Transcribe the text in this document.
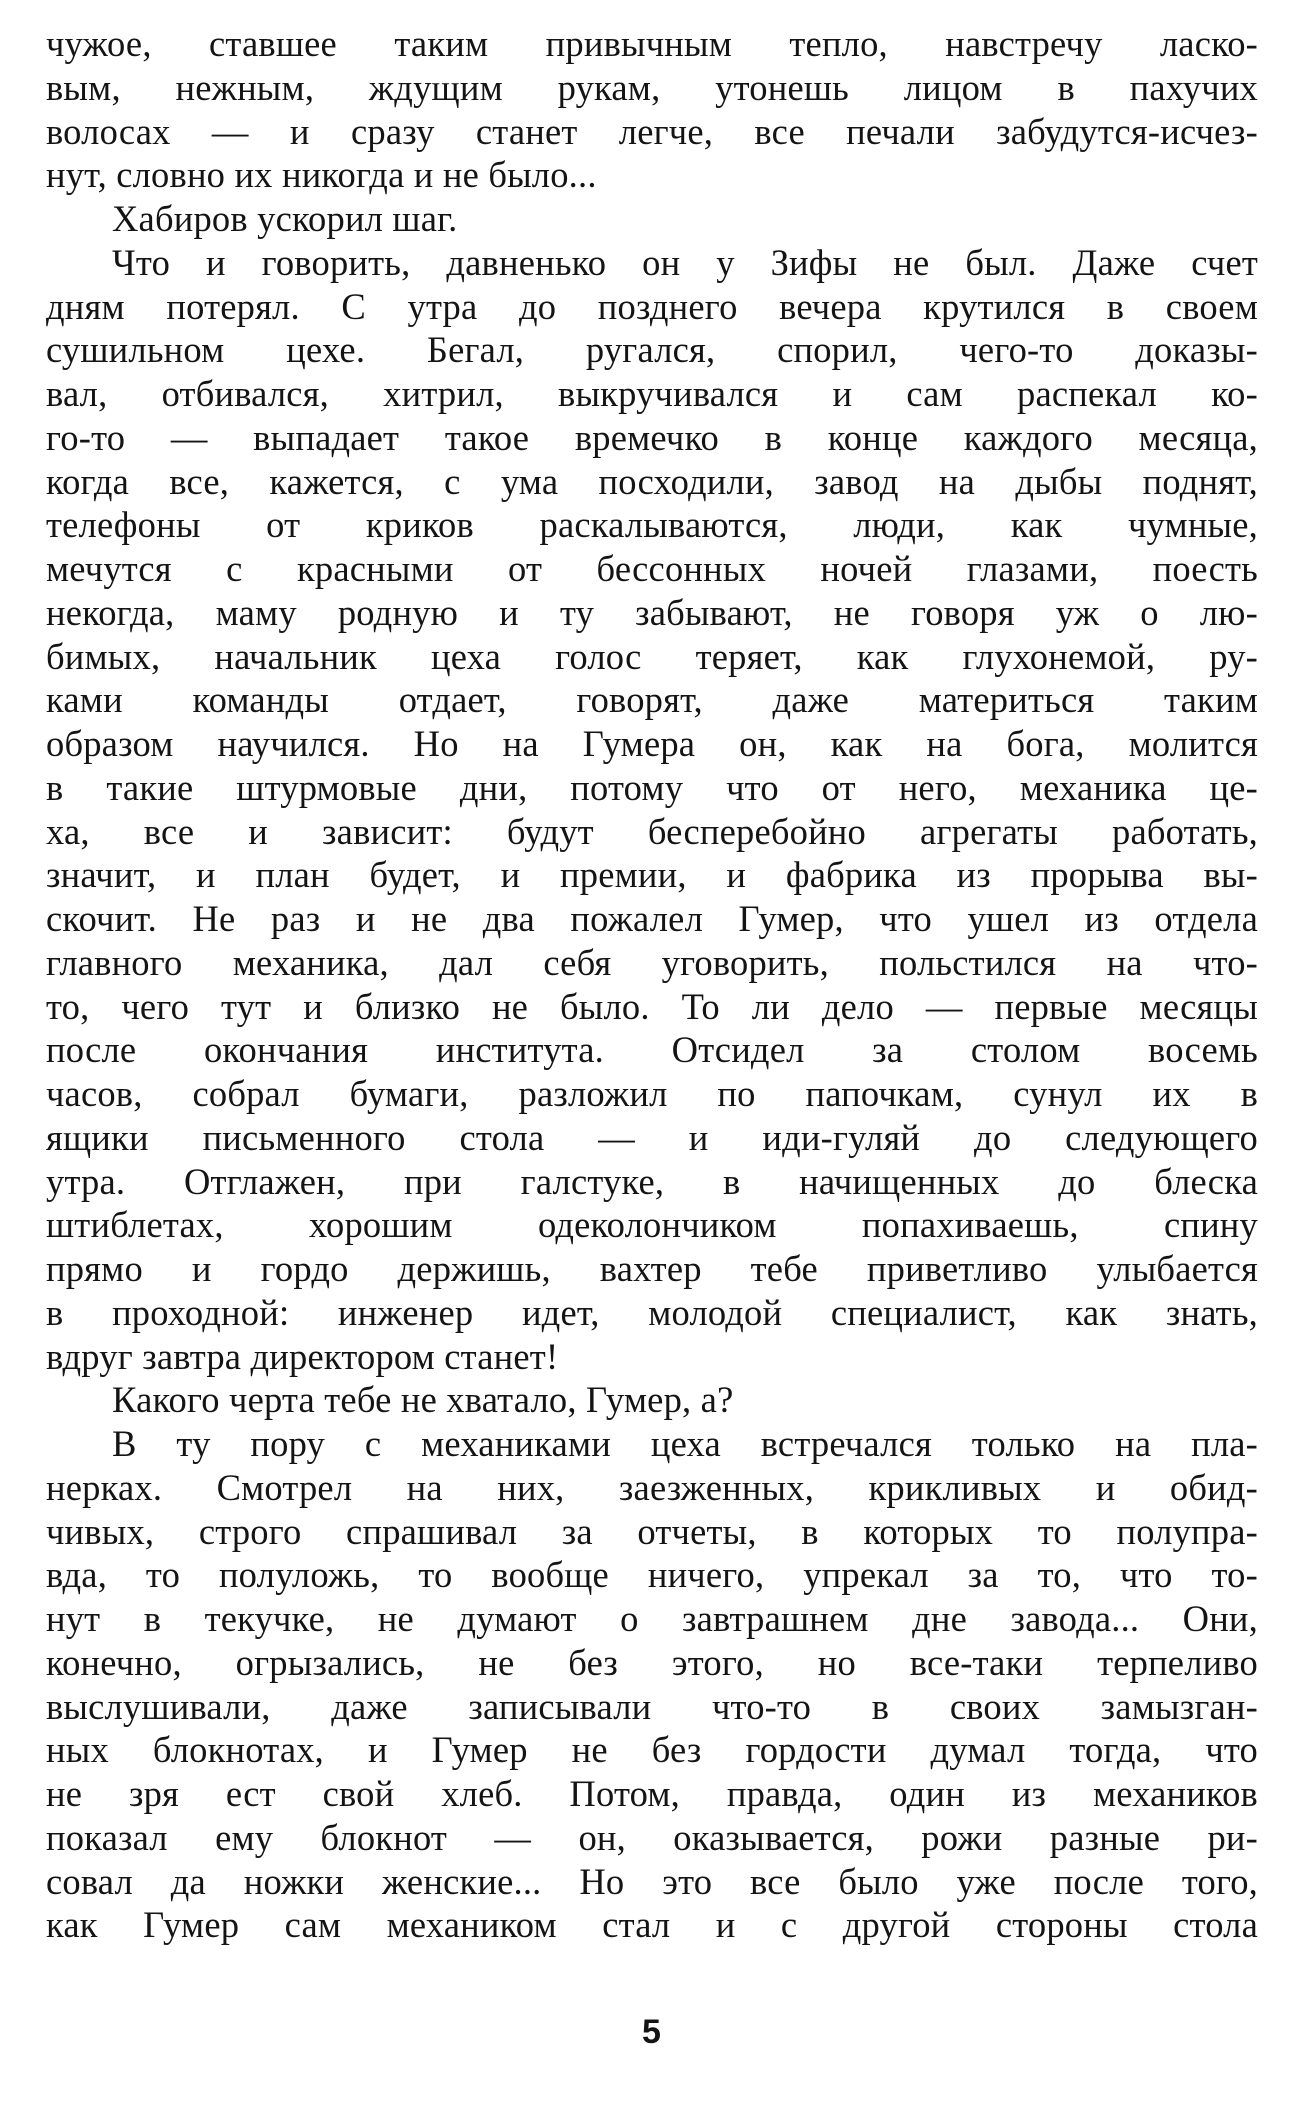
чужое, ставшее таким привычным тепло, навстречу ласко-
вым, нежным, ждущим рукам, утонешь лицом в пахучих
волосах — и сразу станет легче, все печали забудутся-исчез-
нут, словно их никогда и не было...
Хабиров ускорил шаг.
Что и говорить, давненько он у Зифы не был. Даже счет
дням потерял. С утра до позднего вечера крутился в своем
сушильном цехе. Бегал, ругался, спорил, чего-то доказы-
вал, отбивался, хитрил, выкручивался и сам распекал ко-
го-то — выпадает такое времечко в конце каждого месяца,
когда все, кажется, с ума посходили, завод на дыбы поднят,
телефоны от криков раскалываются, люди, как чумные,
мечутся с красными от бессонных ночей глазами, поесть
некогда, маму родную и ту забывают, не говоря уж о лю-
бимых, начальник цеха голос теряет, как глухонемой, ру-
ками команды отдает, говорят, даже материться таким
образом научился. Но на Гумера он, как на бога, молится
в такие штурмовые дни, потому что от него, механика це-
ха, все и зависит: будут бесперебойно агрегаты работать,
значит, и план будет, и премии, и фабрика из прорыва вы-
скочит. Не раз и не два пожалел Гумер, что ушел из отдела
главного механика, дал себя уговорить, польстился на что-
то, чего тут и близко не было. То ли дело — первые месяцы
после окончания института. Отсидел за столом восемь
часов, собрал бумаги, разложил по папочкам, сунул их в
ящики письменного стола — и иди-гуляй до следующего
утра. Отглажен, при галстуке, в начищенных до блеска
штиблетах, хорошим одеколончиком попахиваешь, спину
прямо и гордо держишь, вахтер тебе приветливо улыбается
в проходной: инженер идет, молодой специалист, как знать,
вдруг завтра директором станет!
Какого черта тебе не хватало, Гумер, а?
В ту пору с механиками цеха встречался только на пла-
нерках. Смотрел на них, заезженных, крикливых и обид-
чивых, строго спрашивал за отчеты, в которых то полупра-
вда, то полуложь, то вообще ничего, упрекал за то, что то-
нут в текучке, не думают о завтрашнем дне завода... Они,
конечно, огрызались, не без этого, но все-таки терпеливо
выслушивали, даже записывали что-то в своих замызган-
ных блокнотах, и Гумер не без гордости думал тогда, что
не зря ест свой хлеб. Потом, правда, один из механиков
показал ему блокнот — он, оказывается, рожи разные ри-
совал да ножки женские... Но это все было уже после того,
как Гумер сам механиком стал и с другой стороны стола
5
